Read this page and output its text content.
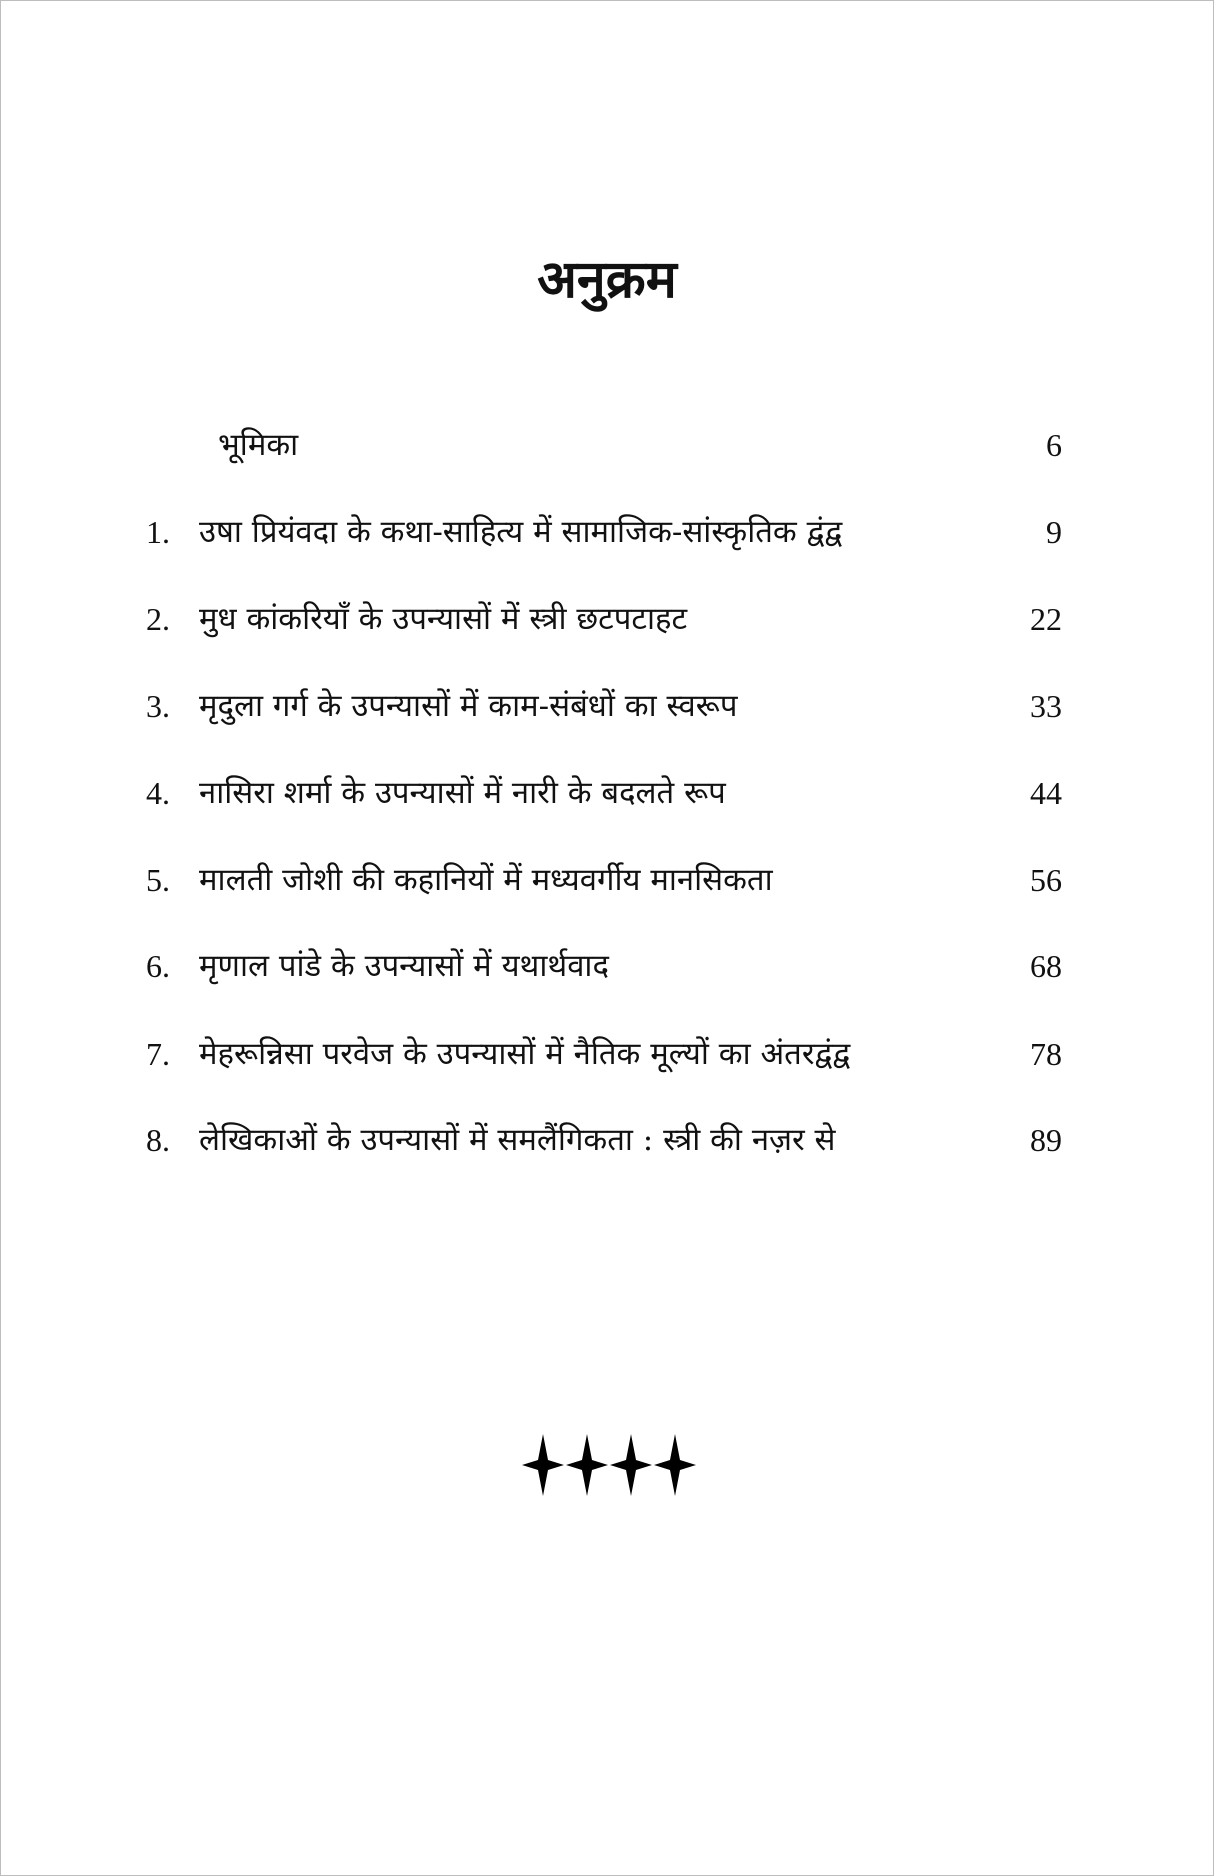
अनुक्रम
भूमिका	6
1. उषा प्रियंवदा के कथा-साहित्य में सामाजिक-सांस्कृतिक द्वंद्व	9
2. मुध कांकरियाँ के उपन्यासों में स्त्री छटपटाहट	22
3. मृदुला गर्ग के उपन्यासों में काम-संबंधों का स्वरूप	33
4. नासिरा शर्मा के उपन्यासों में नारी के बदलते रूप	44
5. मालती जोशी की कहानियों में मध्यवर्गीय मानसिकता	56
6. मृणाल पांडे के उपन्यासों में यथार्थवाद	68
7. मेहरून्निसा परवेज के उपन्यासों में नैतिक मूल्यों का अंतरद्वंद्व	78
8. लेखिकाओं के उपन्यासों में समलैंगिकता : स्त्री की नज़र से	89
